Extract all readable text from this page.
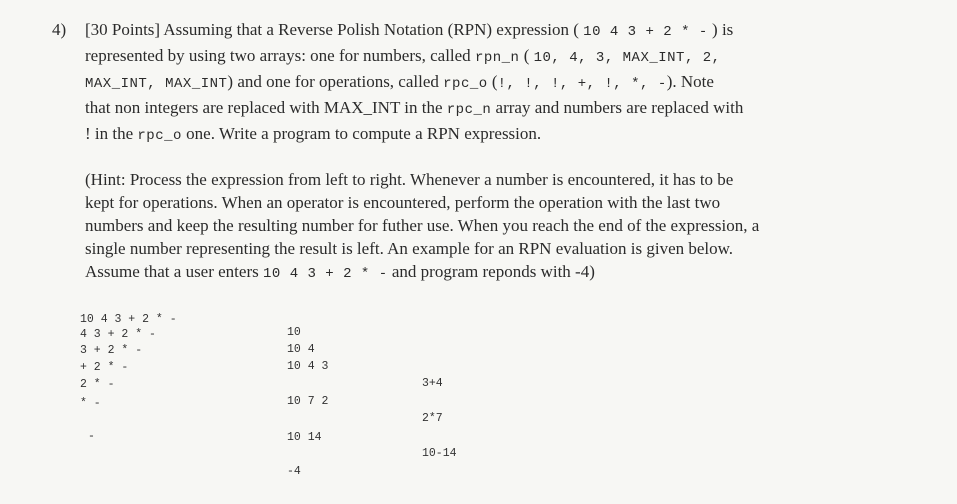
4) [30 Points] Assuming that a Reverse Polish Notation (RPN) expression ( 10 4 3 + 2 * - ) is
represented by using two arrays: one for numbers, called rpn_n ( 10, 4, 3, MAX_INT, 2,
MAX_INT, MAX_INT) and one for operations, called rpc_o (!, !, !, +, !, *, -). Note
that non integers are replaced with MAX_INT in the rpc_n array and numbers are replaced with
! in the rpc_o one. Write a program to compute a RPN expression.
(Hint: Process the expression from left to right. Whenever a number is encountered, it has to be
kept for operations. When an operator is encountered, perform the operation with the last two
numbers and keep the resulting number for futher use. When you reach the end of the expression, a
single number representing the result is left. An example for an RPN evaluation is given below.
Assume that a user enters 10 4 3 + 2 * - and program reponds with -4)
10 4 3 + 2 * -
4 3 + 2 * -
3 + 2 * -
+ 2 * -
2 * -
* -
-
10
10 4
10 4 3
10 7 2
10 14
-4
3+4
2*7
10-14
